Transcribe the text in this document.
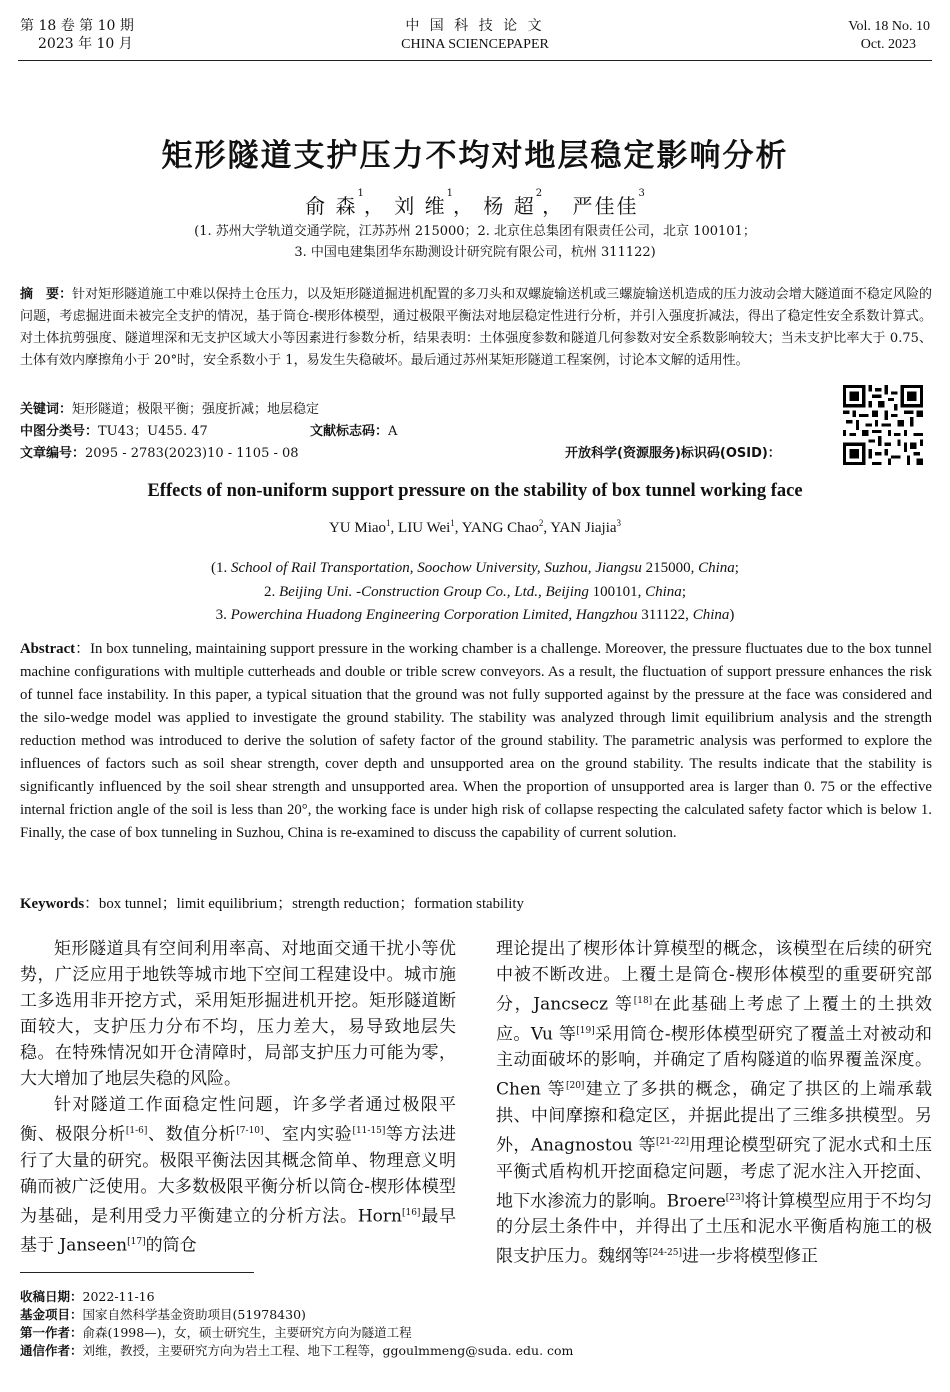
第 18 卷 第 10 期
2023 年 10 月
中 国 科 技 论 文
CHINA SCIENCEPAPER
Vol. 18 No. 10
Oct. 2023
矩形隧道支护压力不均对地层稳定影响分析
俞 森$^1$， 刘 维$^1$， 杨 超$^2$， 严佳佳$^3$
(1. 苏州大学轨道交通学院，江苏苏州 215000；2. 北京住总集团有限责任公司，北京 100101；
3. 中国电建集团华东勘测设计研究院有限公司，杭州 311122)
摘　要：针对矩形隧道施工中难以保持土仓压力，以及矩形隧道掘进机配置的多刀头和双螺旋输送机或三螺旋输送机造成的压力波动会增大隧道面不稳定风险的问题，考虑掘进面未被完全支护的情况，基于筒仓-楔形体模型，通过极限平衡法对地层稳定性进行分析，并引入强度折减法，得出了稳定性安全系数计算式。对土体抗剪强度、隧道埋深和无支护区域大小等因素进行参数分析，结果表明：土体强度参数和隧道几何参数对安全系数影响较大；当未支护比率大于 0.75、土体有效内摩擦角小于 20°时，安全系数小于 1，易发生失稳破坏。最后通过苏州某矩形隧道工程案例，讨论本文解的适用性。
关键词：矩形隧道；极限平衡；强度折减；地层稳定
中图分类号：TU43；U455. 47	文献标志码：A
文章编号：2095 - 2783(2023)10 - 1105 - 08	开放科学(资源服务)标识码(OSID)：
Effects of non-uniform support pressure on the stability of box tunnel working face
YU Miao$^1$, LIU Wei$^1$, YANG Chao$^2$, YAN Jiajia$^3$
(1. School of Rail Transportation, Soochow University, Suzhou, Jiangsu 215000, China;
2. Beijing Uni. -Construction Group Co., Ltd., Beijing 100101, China;
3. Powerchina Huadong Engineering Corporation Limited, Hangzhou 311122, China)
Abstract：In box tunneling, maintaining support pressure in the working chamber is a challenge. Moreover, the pressure fluctuates due to the box tunnel machine configurations with multiple cutterheads and double or trible screw conveyors. As a result, the fluctuation of support pressure enhances the risk of tunnel face instability. In this paper, a typical situation that the ground was not fully supported against by the pressure at the face was considered and the silo-wedge model was applied to investigate the ground stability. The stability was analyzed through limit equilibrium analysis and the strength reduction method was introduced to derive the solution of safety factor of the ground stability. The parametric analysis was performed to explore the influences of factors such as soil shear strength, cover depth and unsupported area on the ground stability. The results indicate that the stability is significantly influenced by the soil shear strength and unsupported area. When the proportion of unsupported area is larger than 0. 75 or the effective internal friction angle of the soil is less than 20°, the working face is under high risk of collapse respecting the calculated safety factor which is below 1. Finally, the case of box tunneling in Suzhou, China is re-examined to discuss the capability of current solution.
Keywords：box tunnel；limit equilibrium；strength reduction；formation stability

矩形隧道具有空间利用率高、对地面交通干扰小等优势，广泛应用于地铁等城市地下空间工程建设中。城市施工多选用非开挖方式，采用矩形掘进机开挖。矩形隧道断面较大，支护压力分布不均，压力差大，易导致地层失稳。在特殊情况如开仓清障时，局部支护压力可能为零，大大增加了地层失稳的风险。

针对隧道工作面稳定性问题，许多学者通过极限平衡、极限分析[1-6]、数值分析[7-10]、室内实验[11-15]等方法进行了大量的研究。极限平衡法因其概念简单、物理意义明确而被广泛使用。大多数极限平衡分析以筒仓-楔形体模型为基础，是利用受力平衡建立的分析方法。Horn[16]最早基于 Janseen[17]的筒仓

理论提出了楔形体计算模型的概念，该模型在后续的研究中被不断改进。上覆土是筒仓-楔形体模型的重要研究部分，Jancsecz 等[18]在此基础上考虑了上覆土的土拱效应。Vu 等[19]采用筒仓-楔形体模型研究了覆盖土对被动和主动面破坏的影响，并确定了盾构隧道的临界覆盖深度。Chen 等[20]建立了多拱的概念，确定了拱区的上端承载拱、中间摩擦和稳定区，并据此提出了三维多拱模型。另外，Anagnostou 等[21-22]用理论模型研究了泥水式和土压平衡式盾构机开挖面稳定问题，考虑了泥水注入开挖面、地下水渗流力的影响。Broere[23]将计算模型应用于不均匀的分层土条件中，并得出了土压和泥水平衡盾构施工的极限支护压力。魏纲等[24-25]进一步将模型修正

收稿日期：2022-11-16
基金项目：国家自然科学基金资助项目(51978430)
第一作者：俞森(1998—)，女，硕士研究生，主要研究方向为隧道工程
通信作者：刘维，教授，主要研究方向为岩土工程、地下工程等，ggoulmmeng@suda. edu. com
